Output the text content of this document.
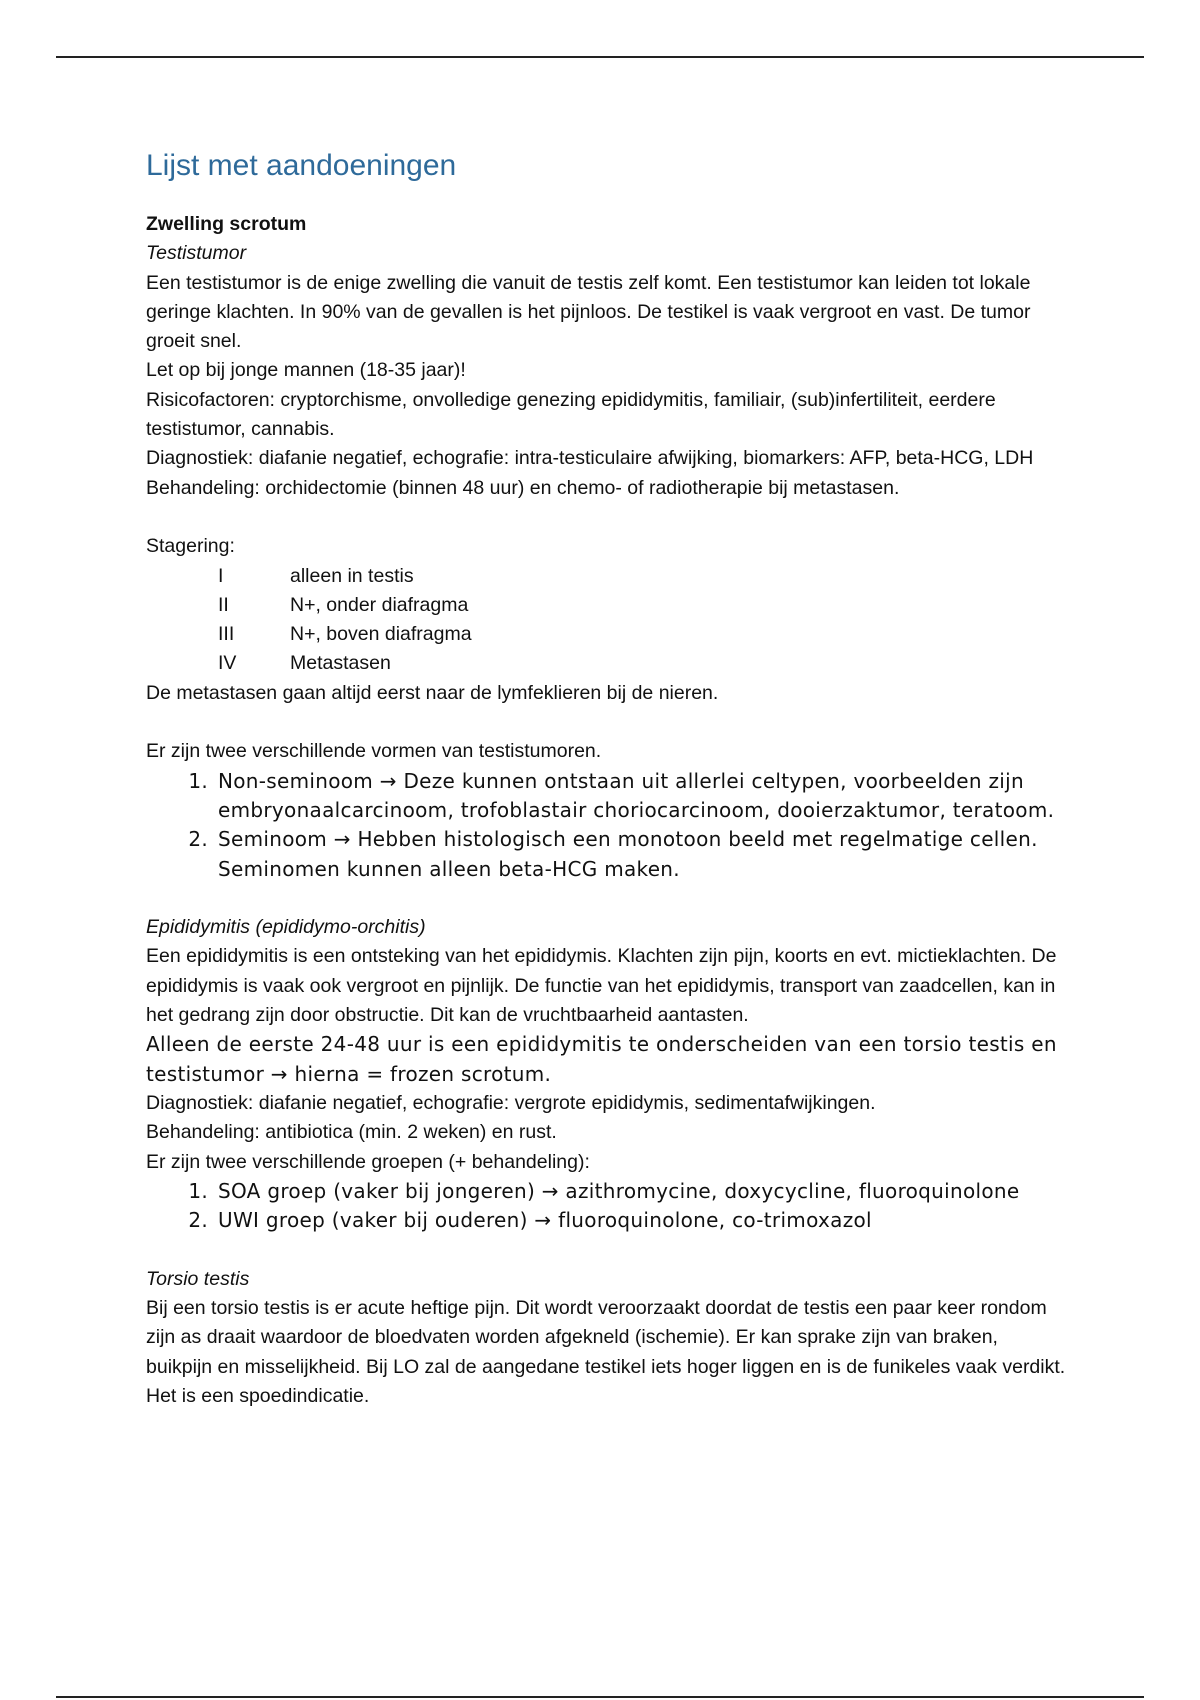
Lijst met aandoeningen

Zwelling scrotum

Testistumor

Een testistumor is de enige zwelling die vanuit de testis zelf komt. Een testistumor kan leiden tot lokale geringe klachten. In 90% van de gevallen is het pijnloos. De testikel is vaak vergroot en vast. De tumor groeit snel.

Let op bij jonge mannen (18-35 jaar)!

Risicofactoren: cryptorchisme, onvolledige genezing epididymitis, familiair, (sub)infertiliteit, eerdere testistumor, cannabis.

Diagnostiek: diafanie negatief, echografie: intra-testiculaire afwijking, biomarkers: AFP, beta-HCG, LDH

Behandeling: orchidectomie (binnen 48 uur) en chemo- of radiotherapie bij metastasen.

Stagering:

I	alleen in testis
II	N+, onder diafragma
III	N+, boven diafragma
IV	Metastasen

De metastasen gaan altijd eerst naar de lymfeklieren bij de nieren.

Er zijn twee verschillende vormen van testistumoren.

1. Non-seminoom → Deze kunnen ontstaan uit allerlei celtypen, voorbeelden zijn embryonaalcarcinoom, trofoblastair choriocarcinoom, dooierzaktumor, teratoom.
2. Seminoom → Hebben histologisch een monotoon beeld met regelmatige cellen. Seminomen kunnen alleen beta-HCG maken.

Epididymitis (epididymo-orchitis)

Een epididymitis is een ontsteking van het epididymis. Klachten zijn pijn, koorts en evt. mictieklachten. De epididymis is vaak ook vergroot en pijnlijk. De functie van het epididymis, transport van zaadcellen, kan in het gedrang zijn door obstructie. Dit kan de vruchtbaarheid aantasten.

Alleen de eerste 24-48 uur is een epididymitis te onderscheiden van een torsio testis en testistumor → hierna = frozen scrotum.

Diagnostiek: diafanie negatief, echografie: vergrote epididymis, sedimentafwijkingen.

Behandeling: antibiotica (min. 2 weken) en rust.

Er zijn twee verschillende groepen (+ behandeling):

1. SOA groep (vaker bij jongeren) → azithromycine, doxycycline, fluoroquinolone
2. UWI groep (vaker bij ouderen) → fluoroquinolone, co-trimoxazol

Torsio testis

Bij een torsio testis is er acute heftige pijn. Dit wordt veroorzaakt doordat de testis een paar keer rondom zijn as draait waardoor de bloedvaten worden afgekneld (ischemie). Er kan sprake zijn van braken, buikpijn en misselijkheid. Bij LO zal de aangedane testikel iets hoger liggen en is de funikeles vaak verdikt. Het is een spoedindicatie.
